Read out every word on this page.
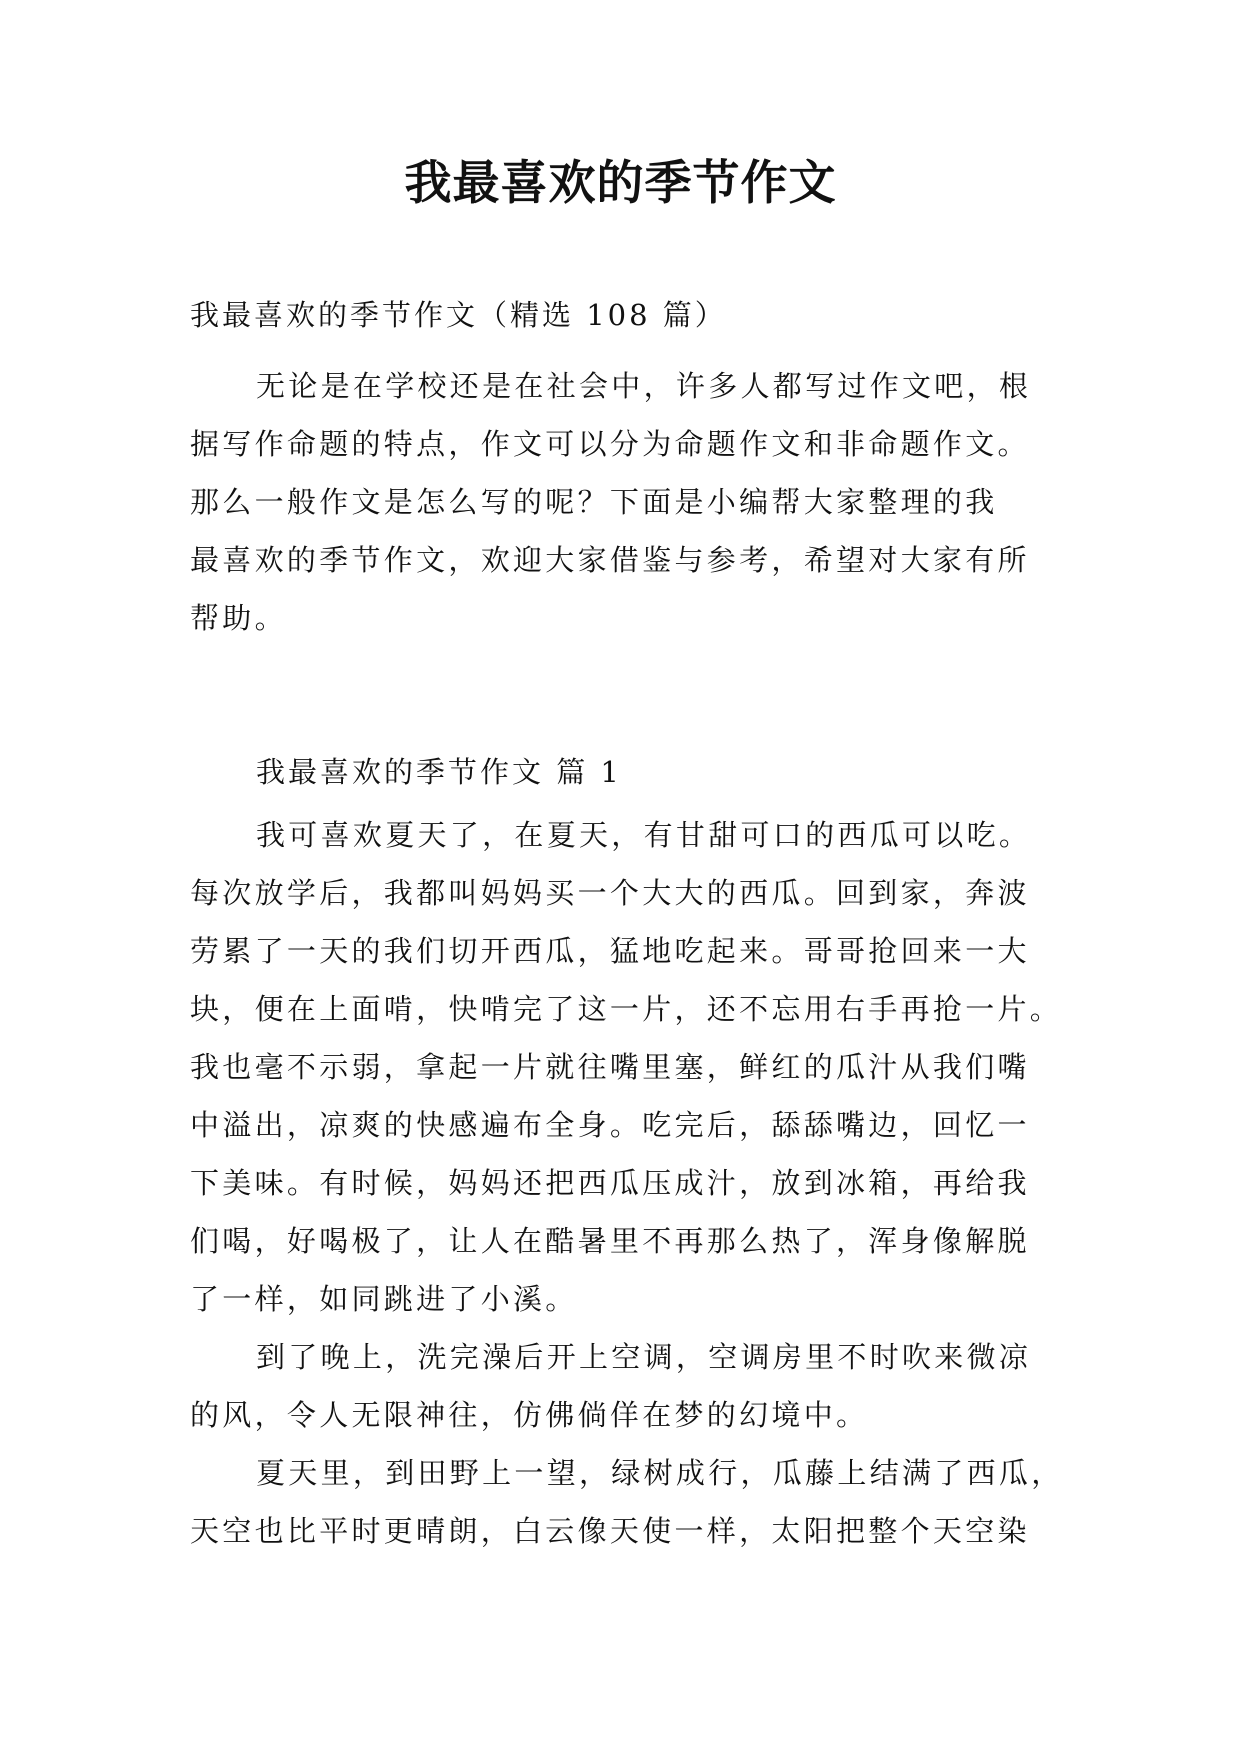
我最喜欢的季节作文

我最喜欢的季节作文（精选 108 篇）

无论是在学校还是在社会中，许多人都写过作文吧，根
据写作命题的特点，作文可以分为命题作文和非命题作文。
那么一般作文是怎么写的呢？下面是小编帮大家整理的我
最喜欢的季节作文，欢迎大家借鉴与参考，希望对大家有所
帮助。
我最喜欢的季节作文 篇 1
我可喜欢夏天了，在夏天，有甘甜可口的西瓜可以吃。
每次放学后，我都叫妈妈买一个大大的西瓜。回到家，奔波
劳累了一天的我们切开西瓜，猛地吃起来。哥哥抢回来一大
块，便在上面啃，快啃完了这一片，还不忘用右手再抢一片。
我也毫不示弱，拿起一片就往嘴里塞，鲜红的瓜汁从我们嘴
中溢出，凉爽的快感遍布全身。吃完后，舔舔嘴边，回忆一
下美味。有时候，妈妈还把西瓜压成汁，放到冰箱，再给我
们喝，好喝极了，让人在酷暑里不再那么热了，浑身像解脱
了一样，如同跳进了小溪。
到了晚上，洗完澡后开上空调，空调房里不时吹来微凉
的风，令人无限神往，仿佛倘佯在梦的幻境中。
夏天里，到田野上一望，绿树成行，瓜藤上结满了西瓜，
天空也比平时更晴朗，白云像天使一样，太阳把整个天空染
